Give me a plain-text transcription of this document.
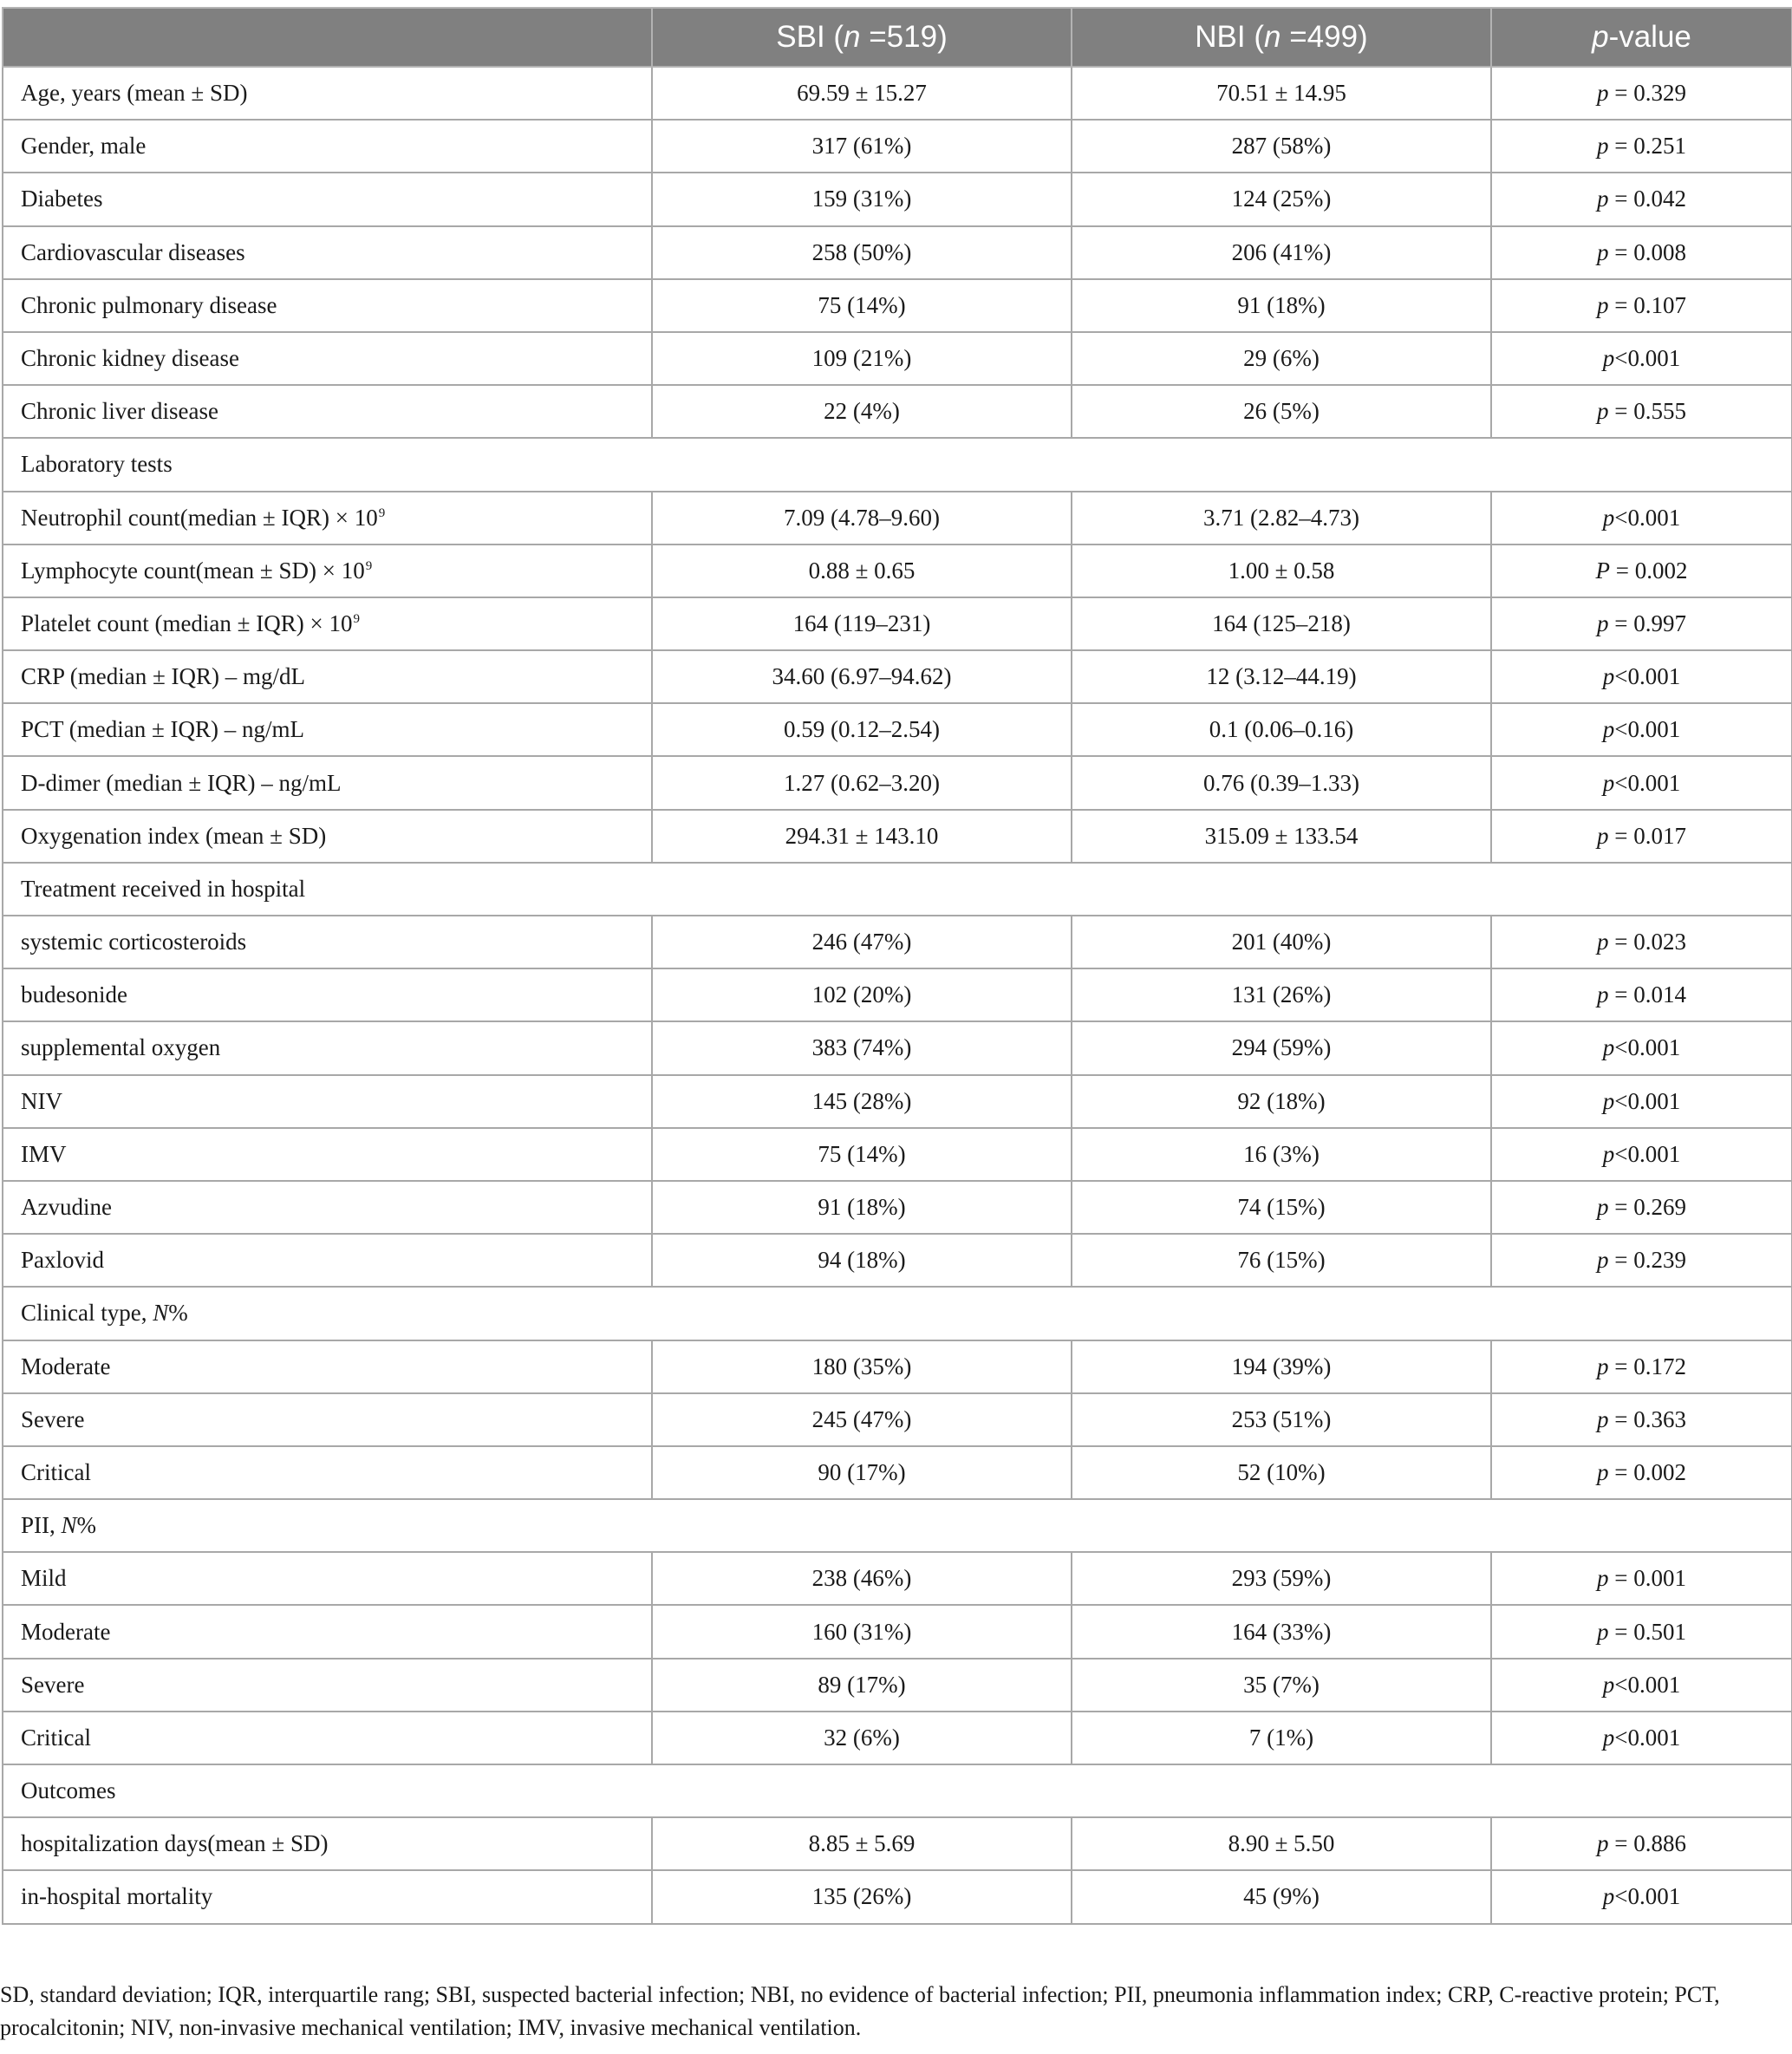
	SBI (n =519)	NBI (n =499)	p-value
Age, years (mean ± SD)	69.59 ± 15.27	70.51 ± 14.95	p = 0.329
Gender, male	317 (61%)	287 (58%)	p = 0.251
Diabetes	159 (31%)	124 (25%)	p = 0.042
Cardiovascular diseases	258 (50%)	206 (41%)	p = 0.008
Chronic pulmonary disease	75 (14%)	91 (18%)	p = 0.107
Chronic kidney disease	109 (21%)	29 (6%)	p<0.001
Chronic liver disease	22 (4%)	26 (5%)	p = 0.555
Laboratory tests			
Neutrophil count(median ± $IQR) \times 10^9$	7.09 (4.78–9.60)	3.71 (2.82–4.73)	p<0.001
Lymphocyte count(mean ± $SD) \times 10^9$	0.88 ± 0.65	1.00 ± 0.58	P = 0.002
Platelet count (median ± $IQR) \times 10^9$	164 (119–231)	164 (125–218)	p = 0.997
CRP (median ± IQR) – mg/dL	34.60 (6.97–94.62)	12 (3.12–44.19)	p<0.001
PCT (median ± IQR) – ng/mL	0.59 (0.12–2.54)	0.1 (0.06–0.16)	p<0.001
D-dimer (median ± IQR) – ng/mL	1.27 (0.62–3.20)	0.76 (0.39–1.33)	p<0.001
Oxygenation index (mean ± SD)	294.31 ± 143.10	315.09 ± 133.54	p = 0.017
Treatment received in hospital			
systemic corticosteroids	246 (47%)	201 (40%)	p = 0.023
budesonide	102 (20%)	131 (26%)	p = 0.014
supplemental oxygen	383 (74%)	294 (59%)	p<0.001
NIV	145 (28%)	92 (18%)	p<0.001
IMV	75 (14%)	16 (3%)	p<0.001
Azvudine	91 (18%)	74 (15%)	p = 0.269
Paxlovid	94 (18%)	76 (15%)	p = 0.239
Clinical type, N%			
Moderate	180 (35%)	194 (39%)	p = 0.172
Severe	245 (47%)	253 (51%)	p = 0.363
Critical	90 (17%)	52 (10%)	p = 0.002
PII, N%			
Mild	238 (46%)	293 (59%)	p = 0.001
Moderate	160 (31%)	164 (33%)	p = 0.501
Severe	89 (17%)	35 (7%)	p<0.001
Critical	32 (6%)	7 (1%)	p<0.001
Outcomes			
hospitalization days(mean ± SD)	8.85 ± 5.69	8.90 ± 5.50	p = 0.886
in-hospital mortality	135 (26%)	45 (9%)	p<0.001
SD, standard deviation; IQR, interquartile rang; SBI, suspected bacterial infection; NBI, no evidence of bacterial infection; PII, pneumonia inflammation index; CRP, C-reactive protein; PCT, procalcitonin; NIV, non-invasive mechanical ventilation; IMV, invasive mechanical ventilation.
